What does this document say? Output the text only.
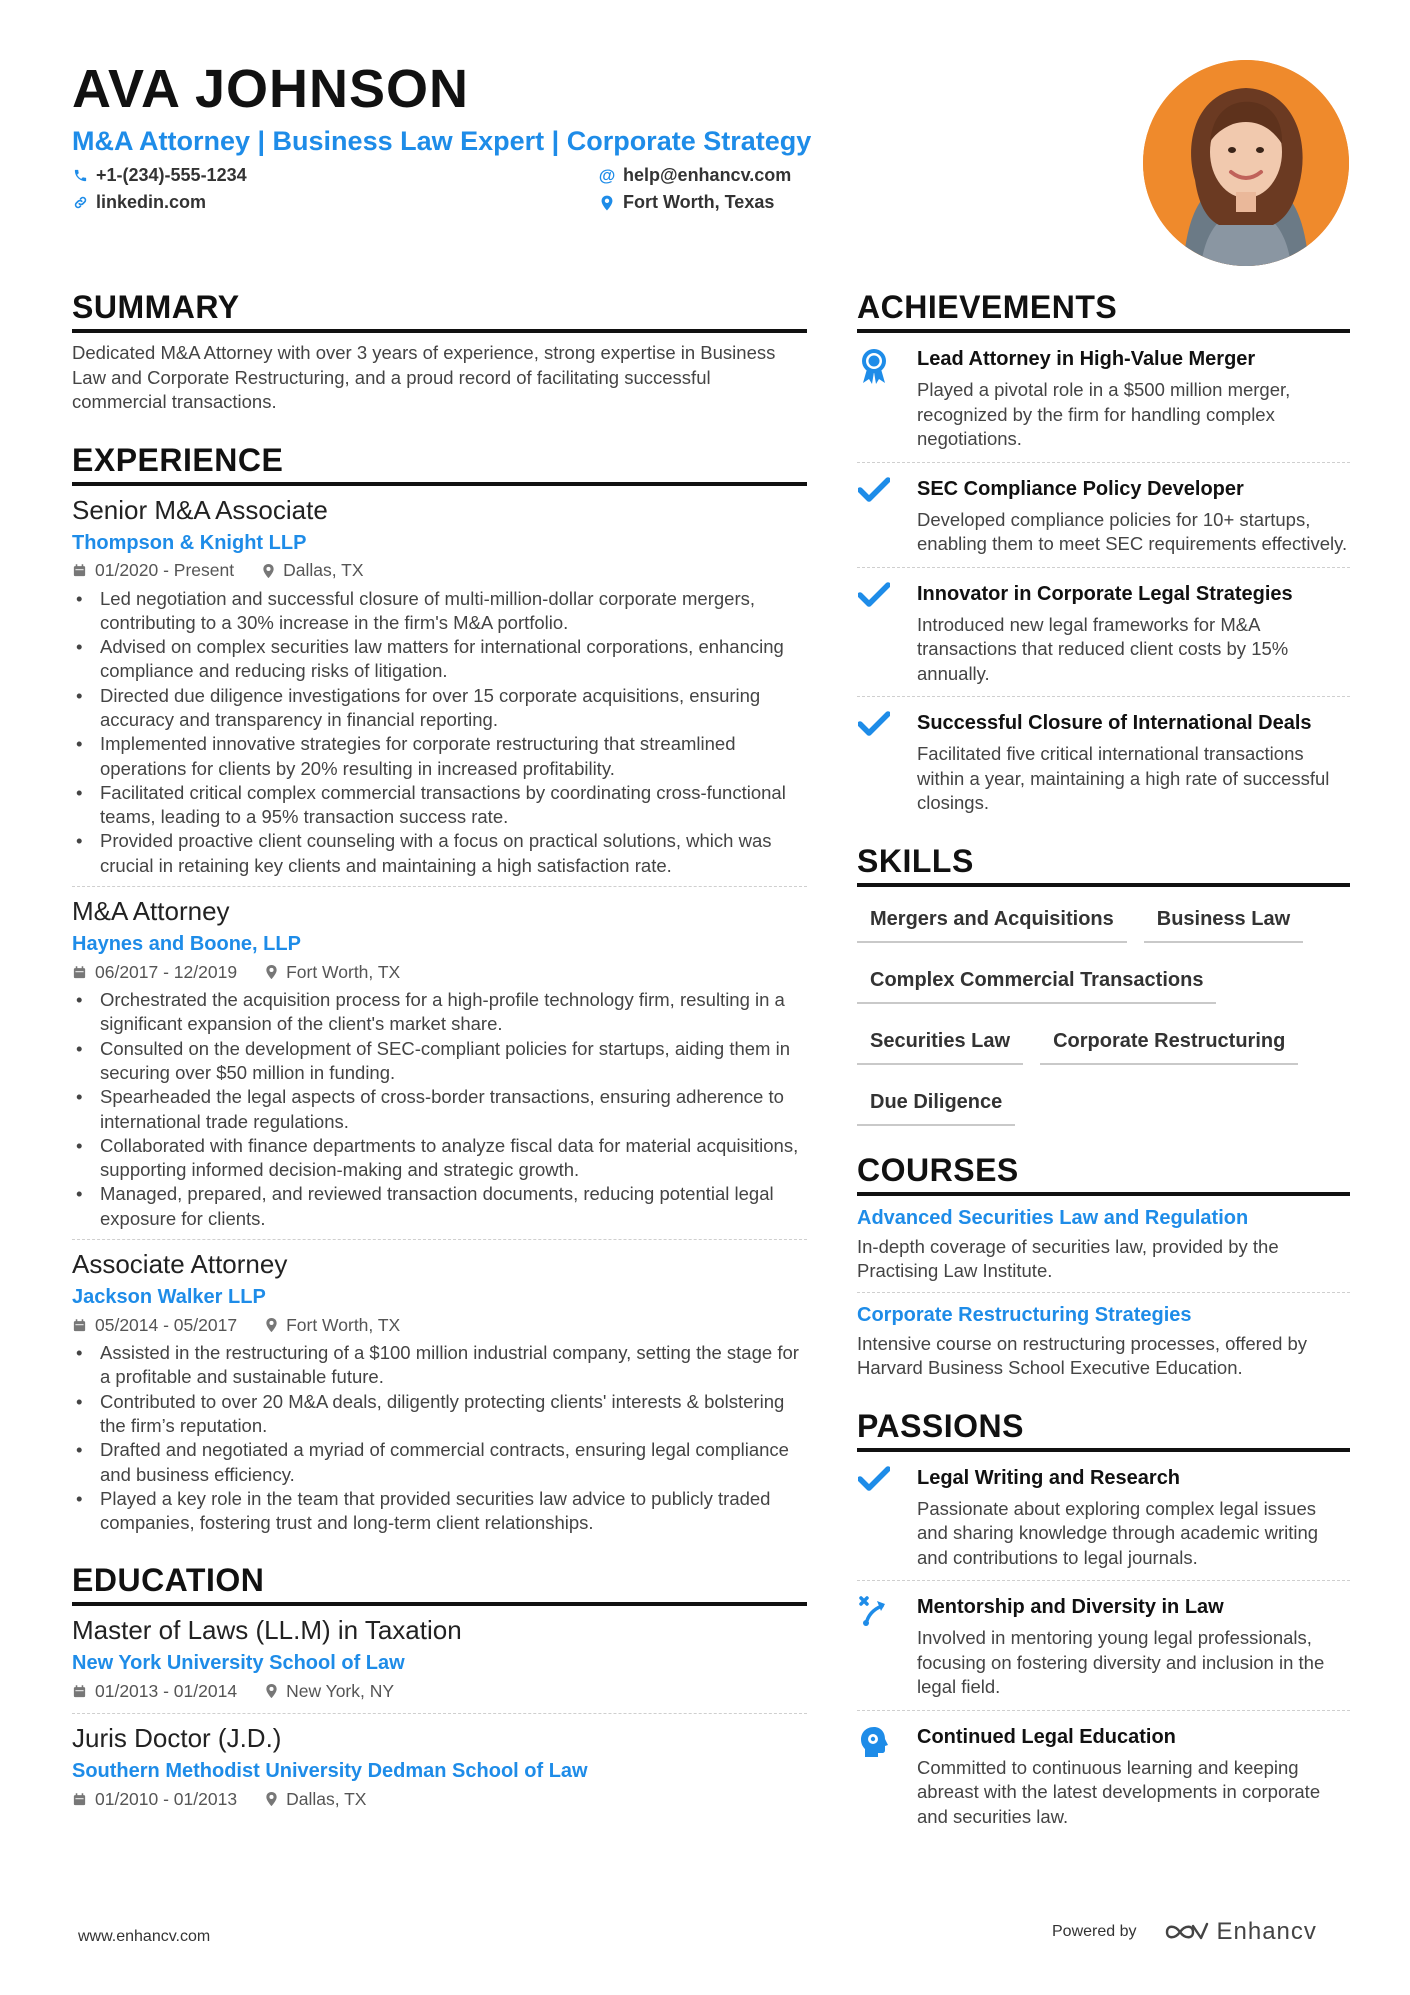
AVA JOHNSON
M&A Attorney | Business Law Expert | Corporate Strategy
+1-(234)-555-1234	@ help@enhancv.com
linkedin.com	Fort Worth, Texas
SUMMARY

Dedicated M&A Attorney with over 3 years of experience, strong expertise in Business Law and Corporate Restructuring, and a proud record of facilitating successful commercial transactions.

EXPERIENCE
Senior M&A Associate
Thompson & Knight LLP
01/2020 - Present	Dallas, TX
• Led negotiation and successful closure of multi-million-dollar corporate mergers, contributing to a 30% increase in the firm's M&A portfolio.
• Advised on complex securities law matters for international corporations, enhancing compliance and reducing risks of litigation.
• Directed due diligence investigations for over 15 corporate acquisitions, ensuring accuracy and transparency in financial reporting.
• Implemented innovative strategies for corporate restructuring that streamlined operations for clients by 20% resulting in increased profitability.
• Facilitated critical complex commercial transactions by coordinating cross-functional teams, leading to a 95% transaction success rate.
• Provided proactive client counseling with a focus on practical solutions, which was crucial in retaining key clients and maintaining a high satisfaction rate.
M&A Attorney
Haynes and Boone, LLP
06/2017 - 12/2019	Fort Worth, TX
• Orchestrated the acquisition process for a high-profile technology firm, resulting in a significant expansion of the client's market share.
• Consulted on the development of SEC-compliant policies for startups, aiding them in securing over $50 million in funding.
• Spearheaded the legal aspects of cross-border transactions, ensuring adherence to international trade regulations.
• Collaborated with finance departments to analyze fiscal data for material acquisitions, supporting informed decision-making and strategic growth.
• Managed, prepared, and reviewed transaction documents, reducing potential legal exposure for clients.
Associate Attorney
Jackson Walker LLP
05/2014 - 05/2017	Fort Worth, TX
• Assisted in the restructuring of a $100 million industrial company, setting the stage for a profitable and sustainable future.
• Contributed to over 20 M&A deals, diligently protecting clients' interests & bolstering the firm’s reputation.
• Drafted and negotiated a myriad of commercial contracts, ensuring legal compliance and business efficiency.
• Played a key role in the team that provided securities law advice to publicly traded companies, fostering trust and long-term client relationships.
EDUCATION
Master of Laws (LL.M) in Taxation
New York University School of Law
01/2013 - 01/2014	New York, NY
Juris Doctor (J.D.)
Southern Methodist University Dedman School of Law
01/2010 - 01/2013	Dallas, TX
ACHIEVEMENTS
Lead Attorney in High-Value Merger
Played a pivotal role in a $500 million merger, recognized by the firm for handling complex negotiations.
SEC Compliance Policy Developer
Developed compliance policies for 10+ startups, enabling them to meet SEC requirements effectively.
Innovator in Corporate Legal Strategies
Introduced new legal frameworks for M&A transactions that reduced client costs by 15% annually.
Successful Closure of International Deals
Facilitated five critical international transactions within a year, maintaining a high rate of successful closings.
SKILLS
Mergers and Acquisitions	Business Law
Complex Commercial Transactions
Securities Law	Corporate Restructuring
Due Diligence
COURSES
Advanced Securities Law and Regulation
In-depth coverage of securities law, provided by the Practising Law Institute.
Corporate Restructuring Strategies
Intensive course on restructuring processes, offered by Harvard Business School Executive Education.
PASSIONS
Legal Writing and Research
Passionate about exploring complex legal issues and sharing knowledge through academic writing and contributions to legal journals.
Mentorship and Diversity in Law
Involved in mentoring young legal professionals, focusing on fostering diversity and inclusion in the legal field.
Continued Legal Education
Committed to continuous learning and keeping abreast with the latest developments in corporate and securities law.
www.enhancv.com	Powered by	Enhancv
